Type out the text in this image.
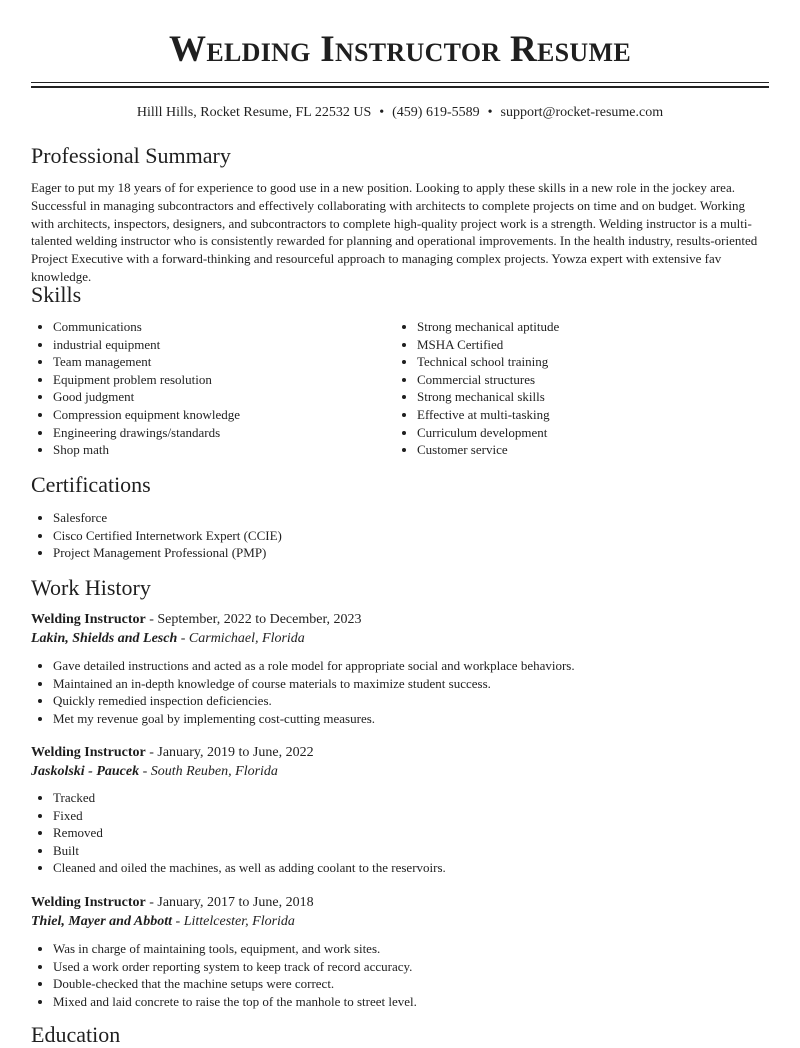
Welding Instructor Resume
Hilll Hills, Rocket Resume, FL 22532 US • (459) 619-5589 • support@rocket-resume.com
Professional Summary

Eager to put my 18 years of for experience to good use in a new position. Looking to apply these skills in a new role in the jockey area. Successful in managing subcontractors and effectively collaborating with architects to complete projects on time and on budget. Working with architects, inspectors, designers, and subcontractors to complete high-quality project work is a strength. Welding instructor is a multi-talented welding instructor who is consistently rewarded for planning and operational improvements. In the health industry, results-oriented Project Executive with a forward-thinking and resourceful approach to managing complex projects. Yowza expert with extensive fav knowledge.

Skills
• Communications
• industrial equipment
• Team management
• Equipment problem resolution
• Good judgment
• Compression equipment knowledge
• Engineering drawings/standards
• Shop math
• Strong mechanical aptitude
• MSHA Certified
• Technical school training
• Commercial structures
• Strong mechanical skills
• Effective at multi-tasking
• Curriculum development
• Customer service
Certifications
• Salesforce
• Cisco Certified Internetwork Expert (CCIE)
• Project Management Professional (PMP)
Work History
Welding Instructor - September, 2022 to December, 2023
Lakin, Shields and Lesch - Carmichael, Florida
• Gave detailed instructions and acted as a role model for appropriate social and workplace behaviors.
• Maintained an in-depth knowledge of course materials to maximize student success.
• Quickly remedied inspection deficiencies.
• Met my revenue goal by implementing cost-cutting measures.
Welding Instructor - January, 2019 to June, 2022
Jaskolski - Paucek - South Reuben, Florida
• Tracked
• Fixed
• Removed
• Built
• Cleaned and oiled the machines, as well as adding coolant to the reservoirs.
Welding Instructor - January, 2017 to June, 2018
Thiel, Mayer and Abbott - Littelcester, Florida
• Was in charge of maintaining tools, equipment, and work sites.
• Used a work order reporting system to keep track of record accuracy.
• Double-checked that the machine setups were correct.
• Mixed and laid concrete to raise the top of the manhole to street level.
Education
